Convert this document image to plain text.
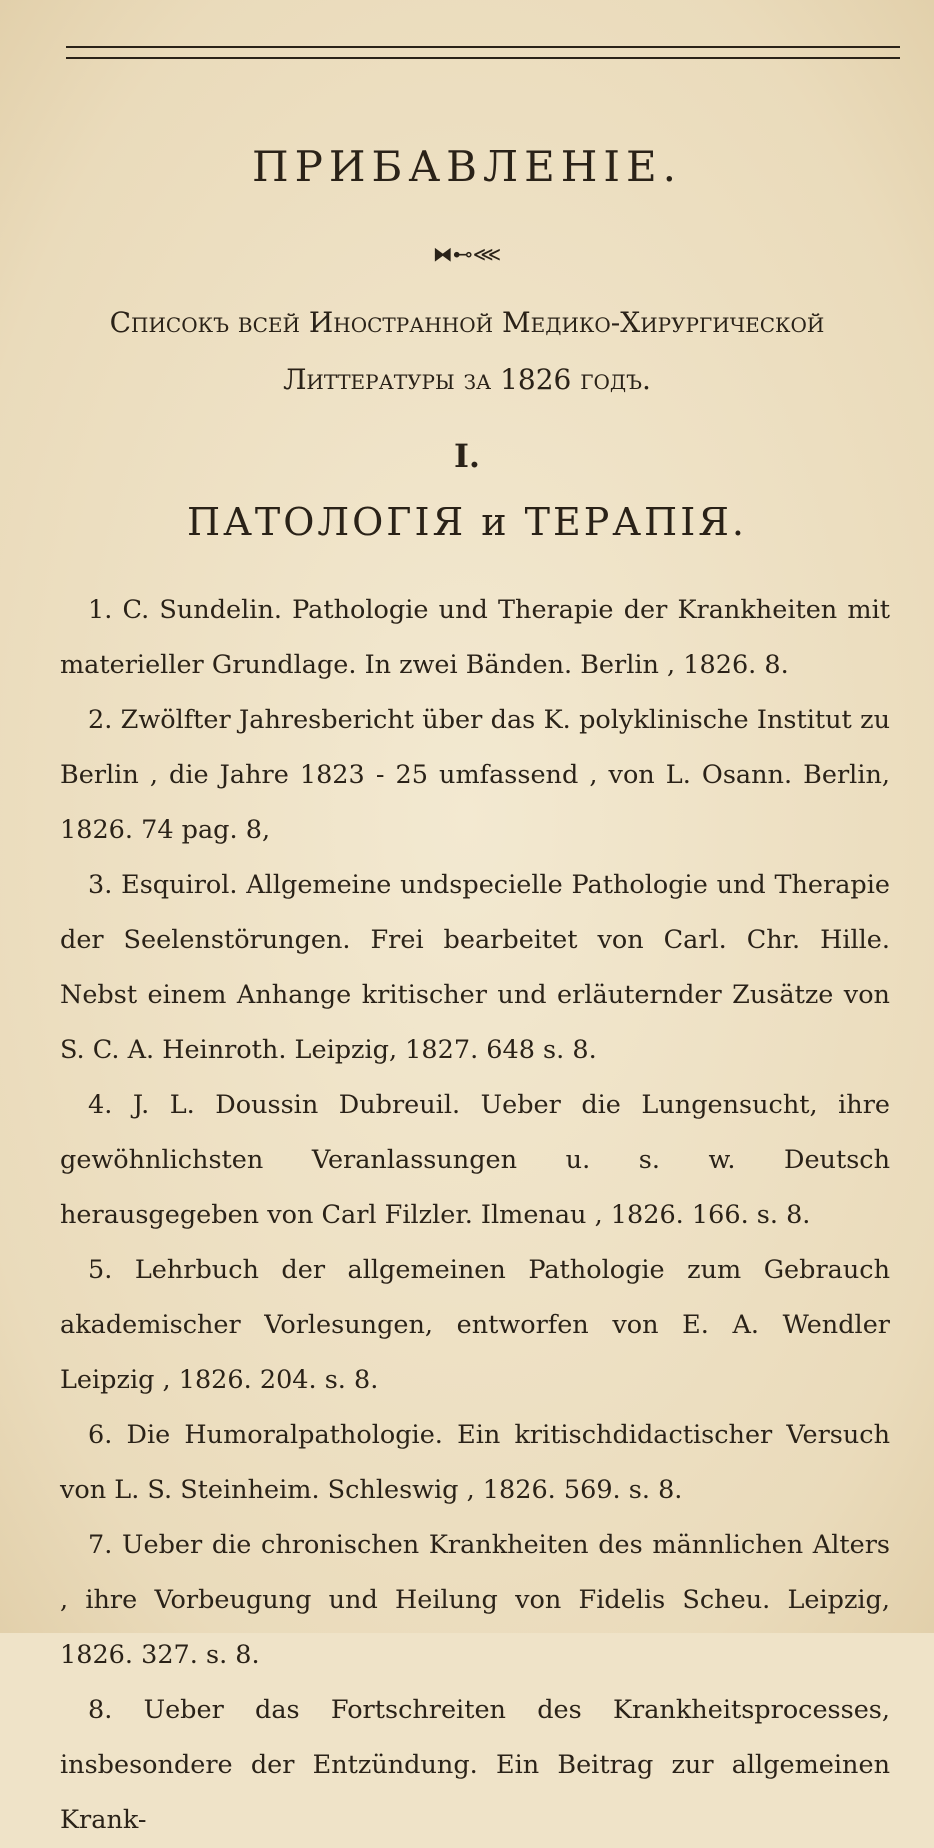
ПРИБАВЛЕНIЕ.
⧓⊷⋘
Списокъ всей Иностранной Медико-Хирургической
Литтературы за 1826 годъ.
I.
ПАТОЛОГIЯ и ТЕРАПIЯ.

1. C. Sundelin. Pathologie und Therapie der Krankheiten mit materieller Grundlage. In zwei Bänden. Berlin , 1826. 8.

2. Zwölfter Jahresbericht über das K. polyklinische Institut zu Berlin , die Jahre 1823 - 25 umfassend , von L. Osann. Berlin, 1826. 74 pag. 8,

3. Esquirol. Allgemeine undspecielle Pathologie und Therapie der Seelenstörungen. Frei bearbeitet von Carl. Chr. Hille. Nebst einem Anhange kritischer und erläuternder Zusätze von S. C. A. Heinroth. Leipzig, 1827. 648 s. 8.

4. J. L. Doussin Dubreuil. Ueber die Lungensucht, ihre gewöhnlichsten Veranlassungen u. s. w. Deutsch herausgegeben von Carl Filzler. Ilmenau , 1826. 166. s. 8.

5. Lehrbuch der allgemeinen Pathologie zum Gebrauch akademischer Vorlesungen, entworfen von E. A. Wendler Leipzig , 1826. 204. s. 8.

6. Die Humoralpathologie. Ein kritischdidactischer Versuch von L. S. Steinheim. Schleswig , 1826. 569. s. 8.

7. Ueber die chronischen Krankheiten des männlichen Alters , ihre Vorbeugung und Heilung von Fidelis Scheu. Leipzig, 1826. 327. s. 8.

8. Ueber das Fortschreiten des Krankheitsprocesses, insbesondere der Entzündung. Ein Beitrag zur allgemeinen Krank-
